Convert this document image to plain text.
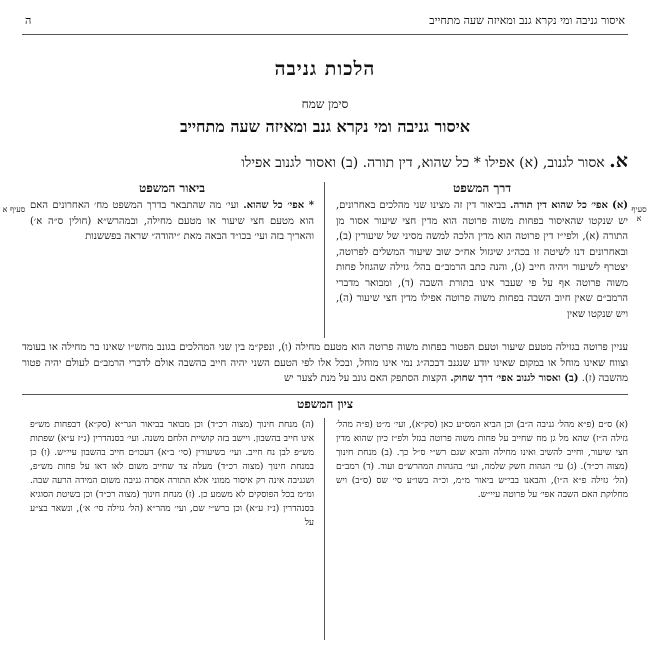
איסור גניבה ומי נקרא גנב ומאיזה שעה מתחייב
ה
הלכות גניבה
סימן שמח
איסור גניבה ומי נקרא גנב ומאיזה שעה מתחייב
א. אסור לגנוב, (א) אפילו * כל שהוא, דין תורה. (ב) ואסור לגנוב אפילו
דרך המשפט
ביאור המשפט
סעיף א
סעיף א	(א) אפי׳ כל שהוא דין תורה. בביאור דין זה מצינו שני מהלכים באחרונים, יש שנקטו שהאיסור בפחות משוה פרוטה הוא מדין חצי שיעור אסור מן התורה (א), ולפי״ז דין פרוטה הוא מדין הלכה למשה מסיני של שיעורין (ב), ובאחרונים דנו לשיטה זו בכה״ג שיגזול אח״כ שוב שיעור המשלים לפרוטה, יצטרף לשיעור ויהיה חייב (ג), והנה כתב הרמב״ם בהל׳ גזילה שהגוזל פחות משוה פרוטה אף על פי שעבר אינו בתורת השבה (ד), ומבואר מדברי הרמב״ם שאין חיוב השבה בפחות משוה פרוטה אפילו מדין חצי שיעור (ה), ויש שנקטו שאין

* אפי׳ כל שהוא. ועי׳ מה שהתבאר בדרך המשפט מח׳ האחרונים האם הוא מטעם חצי שיעור או מטעם מחילה, ובמהרש״א (חולין ס״ה א׳) והאריך בזה ועי׳ בכו״ד הבאה מאת ״יהודה״ שראה בפששנות

עניין פרוטה בגזילה מטעם שיעור וטעם הפטור בפחות משוה פרוטה הוא מטעם מחילה (ו), ונפק״מ בין שני המהלכים בגונב מחש״ו שאינו בר מחילה או בעומד וצווח שאינו מוחל או במקום שאינו יודע שנגנב דבכה״ג נמי אינו מוחל, ובכל אלו לפי הטעם השני יהיה חייב בהשבה אולם לדברי הרמב״ם לעולם יהיה פטור מהשבה (ז). (ב) ואסור לגנוב אפי׳ דרך שחוק. הקצות הסתפק האם גונב על מנת לצער יש

ציון המשפט

(א) ס״ם (פ״א מהל׳ גניבה ה״ב) וכן הביא המס״ע כאן (סק״א), ועי׳ מ״ט (פ״ה מהל׳ גזילה ה״ז) שהא מל גן מח שחייב על פחות משוה פרוטה בגזל ולפ״ז כיון שהוא מדין חצי שיעור, וחייב להשיב ואינו מחילה והביא שגם רש״י ס״ל כך. (ב) מנחת חינוך (מצוה רכ״ד). (ג) עי׳ הגהות חשק שלמה, ועי׳ בהגהות המהרש״ם ועוד. (ד) רמב״ם (הל׳ גזילה פ״א ה״ו), והבאנו בבי״ש ביאור מ״מ, וכ״ה בשו״ע סי׳ שס (ס״ב) ויש מחלוקת האם השבה אפי׳ על פרוטה עיי״ש.

(ה) מנחת חינוך (מצוה רכ״ד) וכן מבואר בביאור הגר״א (סק״א) דבפחות מש״פ אינו חייב בהשבון. ויישב בזה קושיית הלחם משנה. ועי׳ בסנהדרין (נ״ז ע״א) שפתות מש״פ לבן נח חייב. ועי׳ בשיעורין (סי׳ ב״א) דעכו״ם חייב בהשבון עיי״ש. (ו) כן במנחת חינוך (מצוה רכ״ד) מעלה צד שחייב משום לאו דאו על פחות מש״פ, ושגניבה אינה רק איסור ממוני אלא התורה אסרה גניבה משום המידה הרעה שבה. ומ״מ בכל הפוסקים לא משמע כן. (ז) מנחת חינוך (מצוה רכ״ד) וכן בשיטת הסוגיא בסנהדרין (נ״ז ע״א) וכן ברש״י שם, ועי׳ מהר״א (הל׳ גזילה סי׳ א׳), ונשאר בצ״ע על
